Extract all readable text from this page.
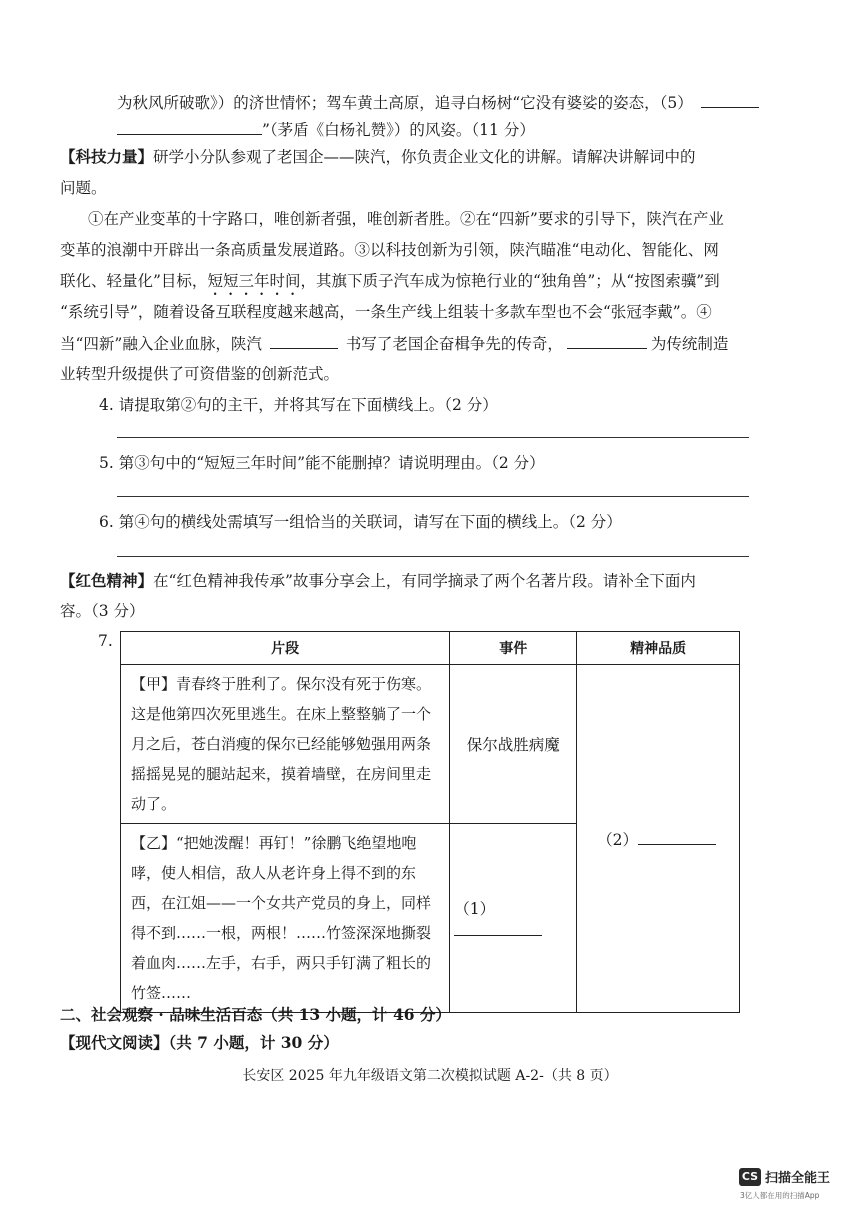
为秋风所破歌》）的济世情怀；驾车黄土高原，追寻白杨树“它没有婆娑的姿态，（5）
”（茅盾《白杨礼赞》）的风姿。（11 分）
【科技力量】研学小分队参观了老国企——陕汽，你负责企业文化的讲解。请解决讲解词中的
问题。
①在产业变革的十字路口，唯创新者强，唯创新者胜。②在“四新”要求的引导下，陕汽在产业
变革的浪潮中开辟出一条高质量发展道路。③以科技创新为引领，陕汽瞄准“电动化、智能化、网
联化、轻量化”目标，短短三年时间，其旗下质子汽车成为惊艳行业的“独角兽”；从“按图索骥”到
“系统引导”，随着设备互联程度越来越高，一条生产线上组装十多款车型也不会“张冠李戴”。④
当“四新”融入企业血脉，陕汽	书写了老国企奋楫争先的传奇，	为传统制造
业转型升级提供了可资借鉴的创新范式。
4. 请提取第②句的主干，并将其写在下面横线上。（2 分）
5. 第③句中的“短短三年时间”能不能删掉？请说明理由。（2 分）
6. 第④句的横线处需填写一组恰当的关联词，请写在下面的横线上。（2 分）
【红色精神】在“红色精神我传承”故事分享会上，有同学摘录了两个名著片段。请补全下面内
容。（3 分）
7.	片段	事件	精神品质
【甲】青春终于胜利了。保尔没有死于伤寒。这是他第四次死里逃生。在床上整整躺了一个月之后，苍白消瘦的保尔已经能够勉强用两条摇摇晃晃的腿站起来，摸着墙壁，在房间里走动了。	保尔战胜病魔	（2）
【乙】“把她泼醒！再钉！”徐鹏飞绝望地咆哮，使人相信，敌人从老许身上得不到的东西，在江姐——一个女共产党员的身上，同样得不到……一根，两根！……竹签深深地撕裂着血肉……左手，右手，两只手钉满了粗长的竹签……	（1）	
二、社会观察 · 品味生活百态（共 13 小题，计 46 分）
【现代文阅读】（共 7 小题，计 30 分）
长安区 2025 年九年级语文第二次模拟试题 A-2-（共 8 页）
CS 扫描全能王
3亿人都在用的扫描App
